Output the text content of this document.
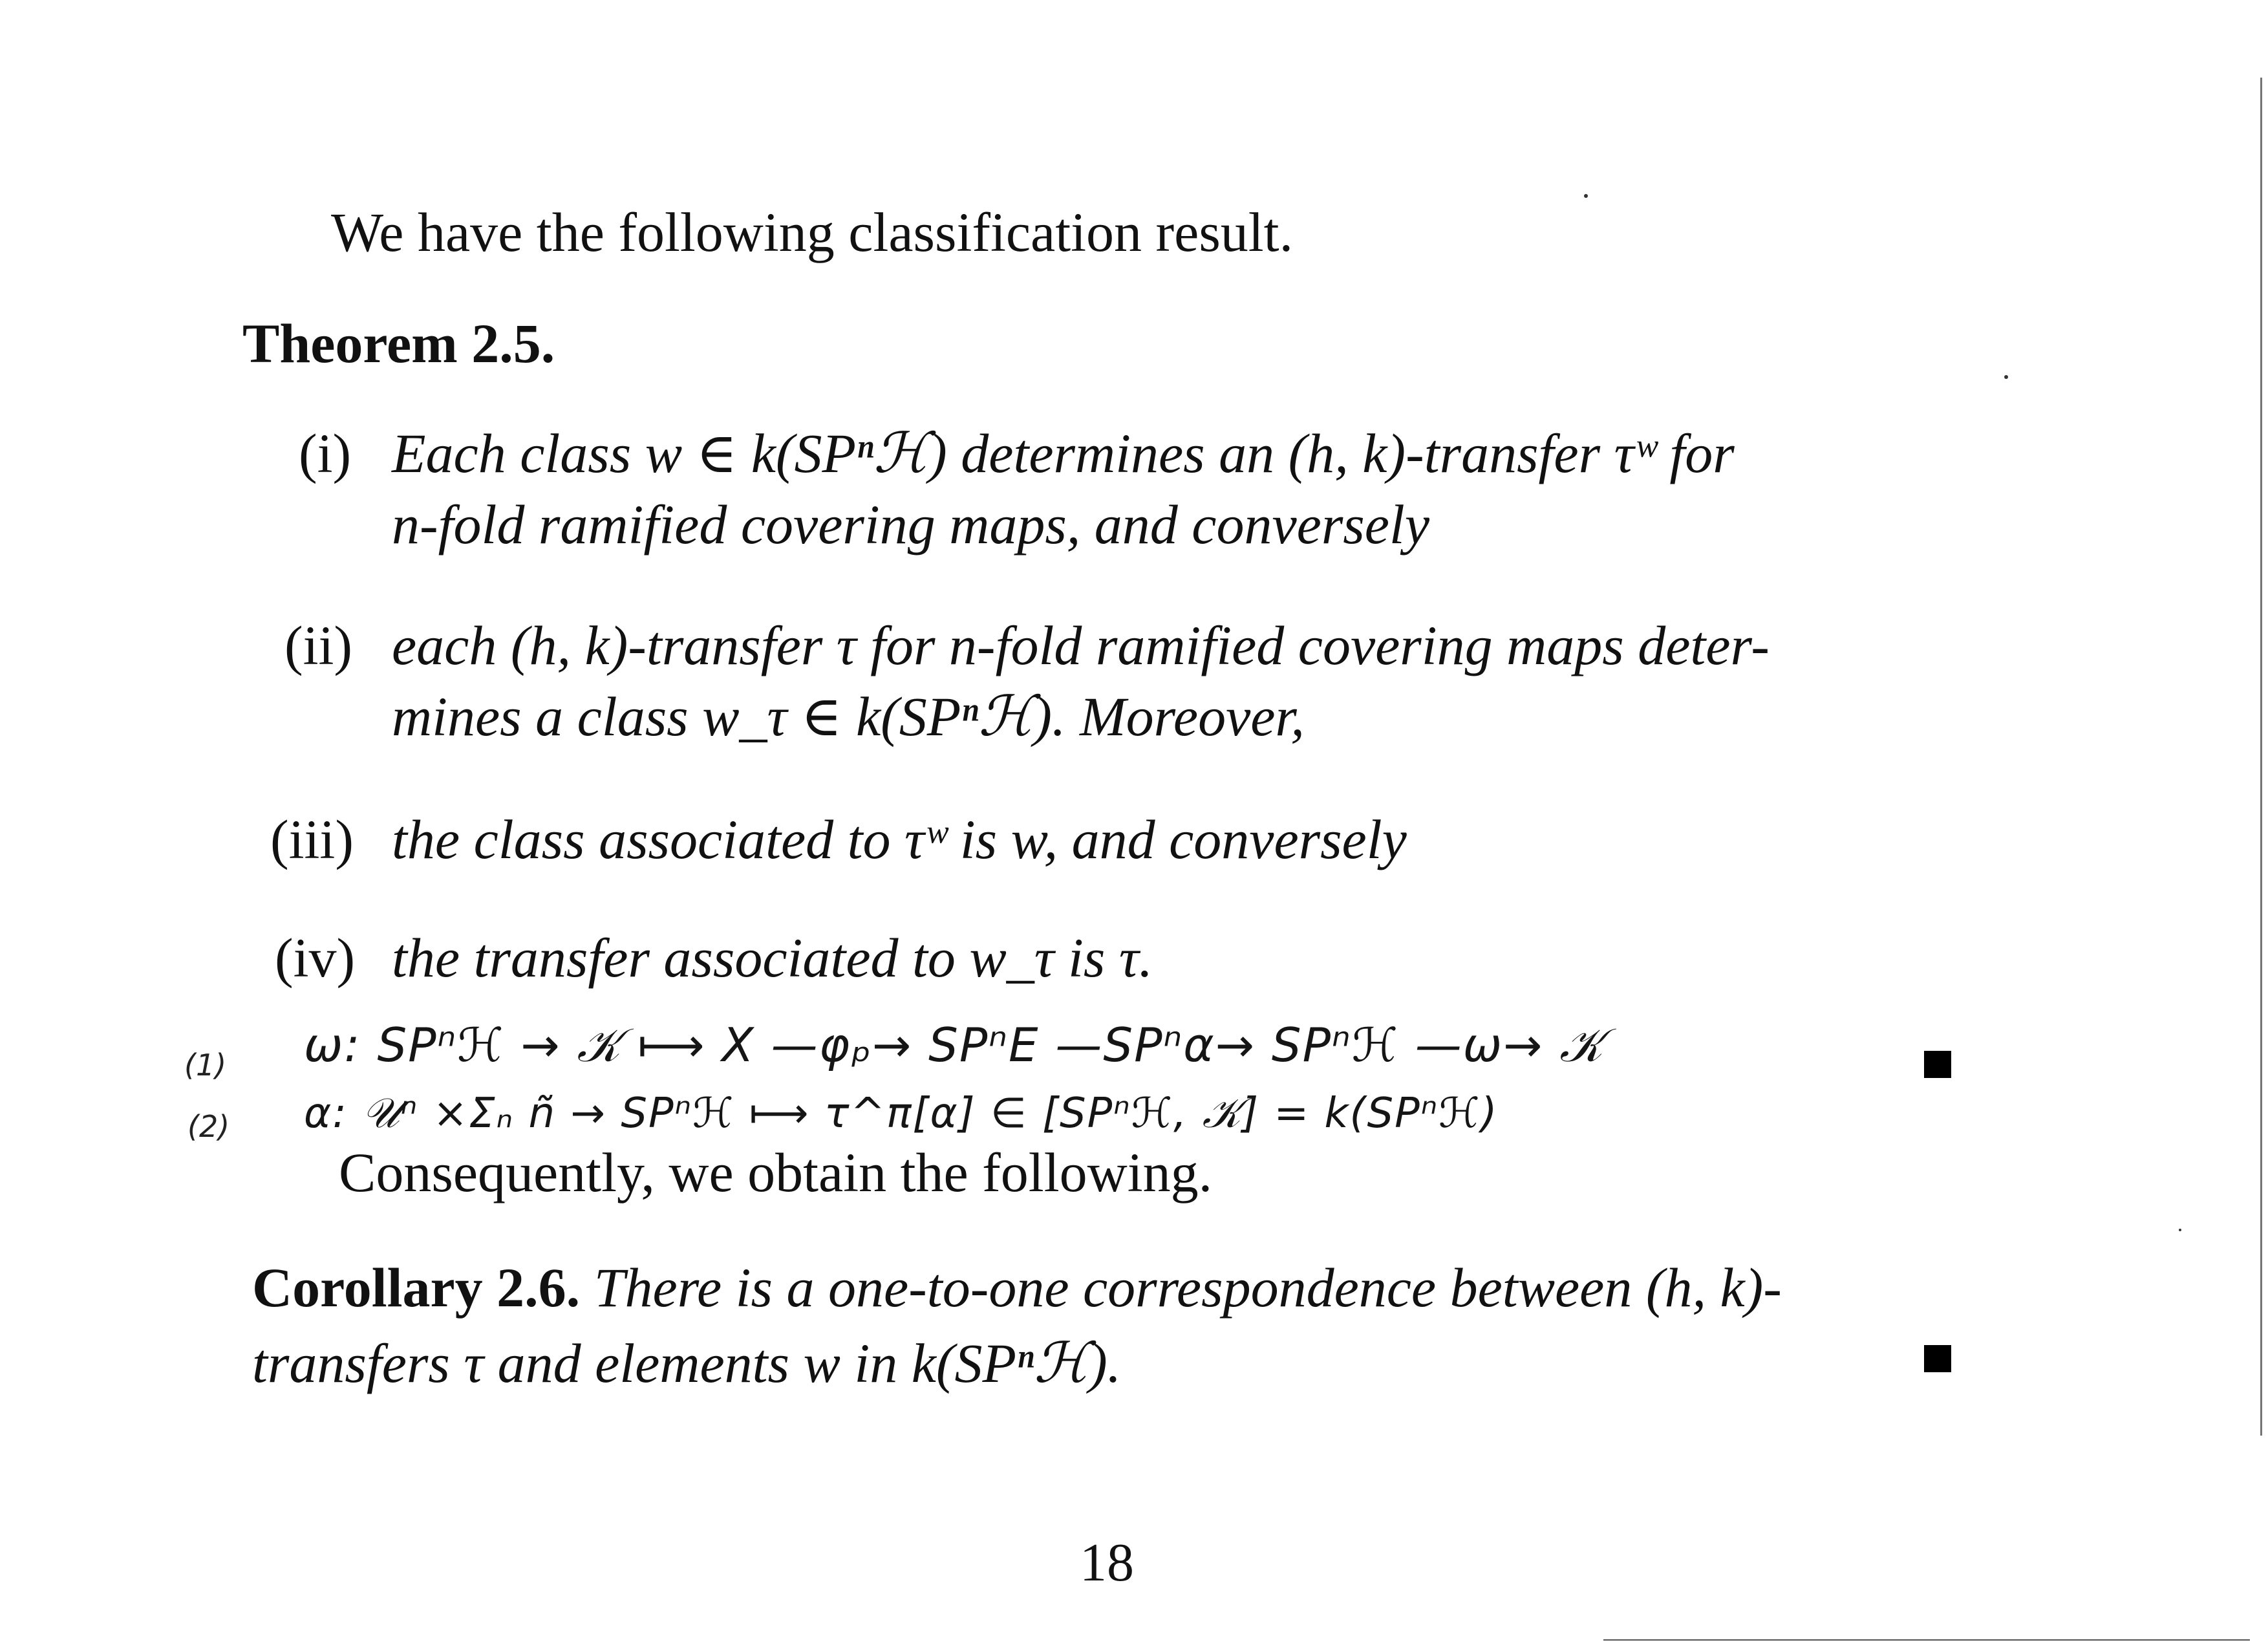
We have the following classification result.
Theorem 2.5.
(i) Each class w ∈ k(SPⁿℋ) determines an (h, k)-transfer τʷ for
n-fold ramified covering maps, and conversely
(ii) each (h, k)-transfer τ for n-fold ramified covering maps deter-
mines a class w_τ ∈ k(SPⁿℋ). Moreover,
(iii) the class associated to τʷ is w, and conversely
(iv) the transfer associated to w_τ is τ.
(1) ω: SPⁿℋ → 𝒦 ⟼ X —φₚ→ SPⁿE —SPⁿα→ SPⁿℋ —ω→ 𝒦
(2) α: 𝒰ⁿ ×Σₙ ñ → SPⁿℋ ⟼ τ^π[α] ∈ [SPⁿℋ, 𝒦] = k(SPⁿℋ)
Consequently, we obtain the following.
Corollary 2.6. There is a one-to-one correspondence between (h, k)-
transfers τ and elements w in k(SPⁿℋ).
18
